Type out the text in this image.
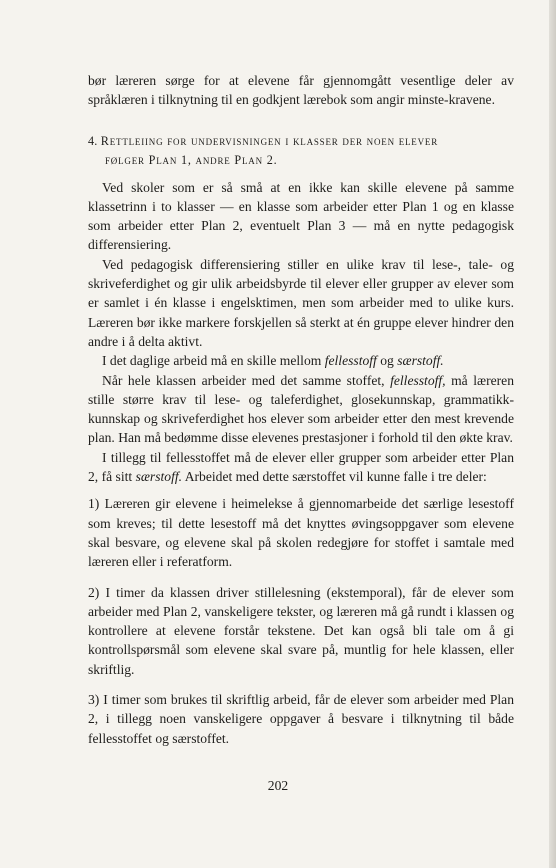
bør læreren sørge for at elevene får gjennomgått vesentlige deler av språklæren i tilknytning til en godkjent lærebok som angir minste-kravene.

4. Rettleiing for undervisningen i klasser der noen elever
følger Plan 1, andre Plan 2.

Ved skoler som er så små at en ikke kan skille elevene på samme klassetrinn i to klasser — en klasse som arbeider etter Plan 1 og en klasse som arbeider etter Plan 2, eventuelt Plan 3 — må en nytte pedagogisk differensiering.

Ved pedagogisk differensiering stiller en ulike krav til lese-, tale- og skriveferdighet og gir ulik arbeidsbyrde til elever eller grupper av elever som er samlet i én klasse i engelsktimen, men som arbeider med to ulike kurs. Læreren bør ikke markere forskjellen så sterkt at én gruppe elever hindrer den andre i å delta aktivt.

I det daglige arbeid må en skille mellom fellesstoff og særstoff.

Når hele klassen arbeider med det samme stoffet, fellesstoff, må læreren stille større krav til lese- og taleferdighet, glosekunnskap, grammatikk-kunnskap og skriveferdighet hos elever som arbeider etter den mest krevende plan. Han må bedømme disse elevenes prestasjoner i forhold til den økte krav.

I tillegg til fellesstoffet må de elever eller grupper som arbeider etter Plan 2, få sitt særstoff. Arbeidet med dette særstoffet vil kunne falle i tre deler:

1) Læreren gir elevene i heimelekse å gjennomarbeide det særlige lesestoff som kreves; til dette lesestoff må det knyttes øvingsoppgaver som elevene skal besvare, og elevene skal på skolen redegjøre for stoffet i samtale med læreren eller i referatform.

2) I timer da klassen driver stillelesning (ekstemporal), får de elever som arbeider med Plan 2, vanskeligere tekster, og læreren må gå rundt i klassen og kontrollere at elevene forstår tekstene. Det kan også bli tale om å gi kontrollspørsmål som elevene skal svare på, muntlig for hele klassen, eller skriftlig.

3) I timer som brukes til skriftlig arbeid, får de elever som arbeider med Plan 2, i tillegg noen vanskeligere oppgaver å besvare i tilknytning til både fellesstoffet og særstoffet.

202
